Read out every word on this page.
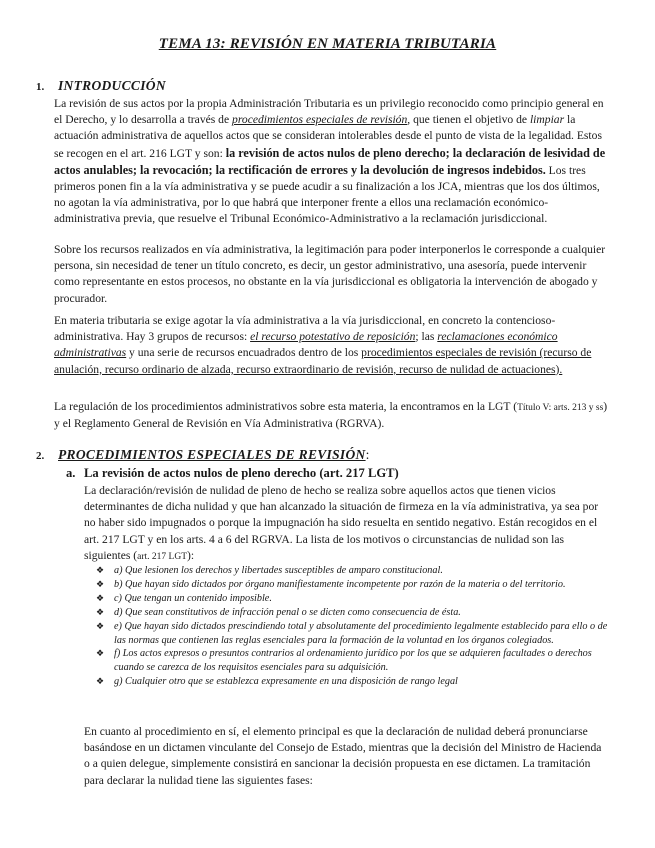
TEMA 13: REVISIÓN EN MATERIA TRIBUTARIA
1. INTRODUCCIÓN
La revisión de sus actos por la propia Administración Tributaria es un privilegio reconocido como principio general en el Derecho, y lo desarrolla a través de procedimientos especiales de revisión, que tienen el objetivo de limpiar la actuación administrativa de aquellos actos que se consideran intolerables desde el punto de vista de la legalidad. Estos se recogen en el art. 216 LGT y son: la revisión de actos nulos de pleno derecho; la declaración de lesividad de actos anulables; la revocación; la rectificación de errores y la devolución de ingresos indebidos. Los tres primeros ponen fin a la vía administrativa y se puede acudir a su finalización a los JCA, mientras que los dos últimos, no agotan la vía administrativa, por lo que habrá que interponer frente a ellos una reclamación económico-administrativa previa, que resuelve el Tribunal Económico-Administrativo a la reclamación jurisdiccional.
Sobre los recursos realizados en vía administrativa, la legitimación para poder interponerlos le corresponde a cualquier persona, sin necesidad de tener un título concreto, es decir, un gestor administrativo, una asesoría, puede intervenir como representante en estos procesos, no obstante en la vía jurisdiccional es obligatoria la intervención de abogado y procurador.
En materia tributaria se exige agotar la vía administrativa a la vía jurisdiccional, en concreto la contencioso-administrativa. Hay 3 grupos de recursos: el recurso potestativo de reposición; las reclamaciones económico administrativas y una serie de recursos encuadrados dentro de los procedimientos especiales de revisión (recurso de anulación, recurso ordinario de alzada, recurso extraordinario de revisión, recurso de nulidad de actuaciones).
La regulación de los procedimientos administrativos sobre esta materia, la encontramos en la LGT (Título V: arts. 213 y ss) y el Reglamento General de Revisión en Vía Administrativa (RGRVA).
2. PROCEDIMIENTOS ESPECIALES DE REVISIÓN:
a. La revisión de actos nulos de pleno derecho (art. 217 LGT)
La declaración/revisión de nulidad de pleno de hecho se realiza sobre aquellos actos que tienen vicios determinantes de dicha nulidad y que han alcanzado la situación de firmeza en la vía administrativa, ya sea por no haber sido impugnados o porque la impugnación ha sido resuelta en sentido negativo. Están recogidos en el art. 217 LGT y en los arts. 4 a 6 del RGRVA. La lista de los motivos o circunstancias de nulidad son las siguientes (art. 217 LGT):
❖ a) Que lesionen los derechos y libertades susceptibles de amparo constitucional.
❖ b) Que hayan sido dictados por órgano manifiestamente incompetente por razón de la materia o del territorio.
❖ c) Que tengan un contenido imposible.
❖ d) Que sean constitutivos de infracción penal o se dicten como consecuencia de ésta.
❖ e) Que hayan sido dictados prescindiendo total y absolutamente del procedimiento legalmente establecido para ello o de las normas que contienen las reglas esenciales para la formación de la voluntad en los órganos colegiados.
❖ f) Los actos expresos o presuntos contrarios al ordenamiento jurídico por los que se adquieren facultades o derechos cuando se carezca de los requisitos esenciales para su adquisición.
❖ g) Cualquier otro que se establezca expresamente en una disposición de rango legal
En cuanto al procedimiento en sí, el elemento principal es que la declaración de nulidad deberá pronunciarse basándose en un dictamen vinculante del Consejo de Estado, mientras que la decisión del Ministro de Hacienda o a quien delegue, simplemente consistirá en sancionar la decisión propuesta en ese dictamen. La tramitación para declarar la nulidad tiene las siguientes fases:
